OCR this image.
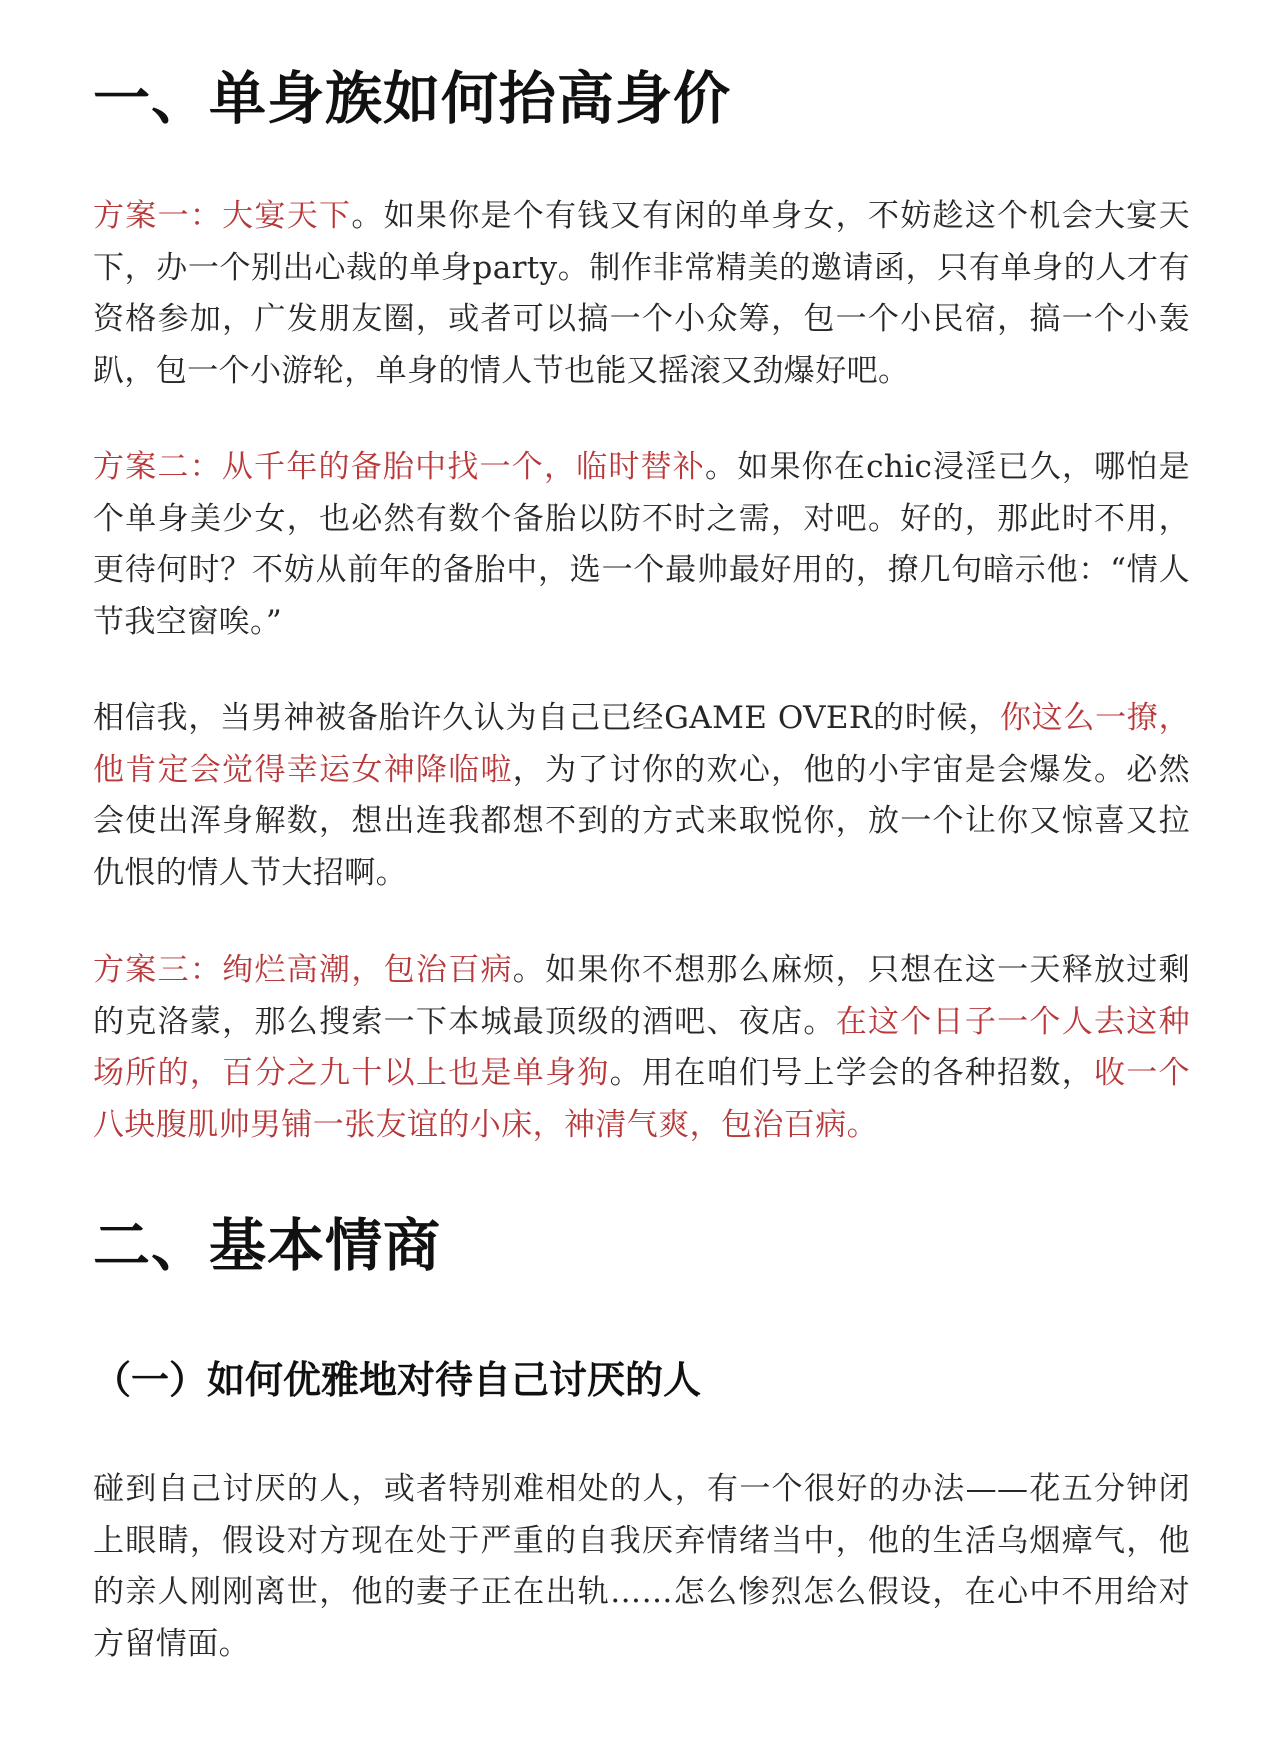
一、单身族如何抬高身价

方案一：大宴天下。如果你是个有钱又有闲的单身女，不妨趁这个机会大宴天下，办一个别出心裁的单身party。制作非常精美的邀请函，只有单身的人才有资格参加，广发朋友圈，或者可以搞一个小众筹，包一个小民宿，搞一个小轰趴，包一个小游轮，单身的情人节也能又摇滚又劲爆好吧。

方案二：从千年的备胎中找一个，临时替补。如果你在chic浸淫已久，哪怕是个单身美少女，也必然有数个备胎以防不时之需，对吧。好的，那此时不用，更待何时？不妨从前年的备胎中，选一个最帅最好用的，撩几句暗示他：“情人节我空窗唉。”

相信我，当男神被备胎许久认为自己已经GAME OVER的时候，你这么一撩，他肯定会觉得幸运女神降临啦，为了讨你的欢心，他的小宇宙是会爆发。必然会使出浑身解数，想出连我都想不到的方式来取悦你，放一个让你又惊喜又拉仇恨的情人节大招啊。

方案三：绚烂高潮，包治百病。如果你不想那么麻烦，只想在这一天释放过剩的克洛蒙，那么搜索一下本城最顶级的酒吧、夜店。在这个日子一个人去这种场所的，百分之九十以上也是单身狗。用在咱们号上学会的各种招数，收一个八块腹肌帅男铺一张友谊的小床，神清气爽，包治百病。

二、基本情商
（一）如何优雅地对待自己讨厌的人

碰到自己讨厌的人，或者特别难相处的人，有一个很好的办法——花五分钟闭上眼睛，假设对方现在处于严重的自我厌弃情绪当中，他的生活乌烟瘴气，他的亲人刚刚离世，他的妻子正在出轨……怎么惨烈怎么假设，在心中不用给对方留情面。
